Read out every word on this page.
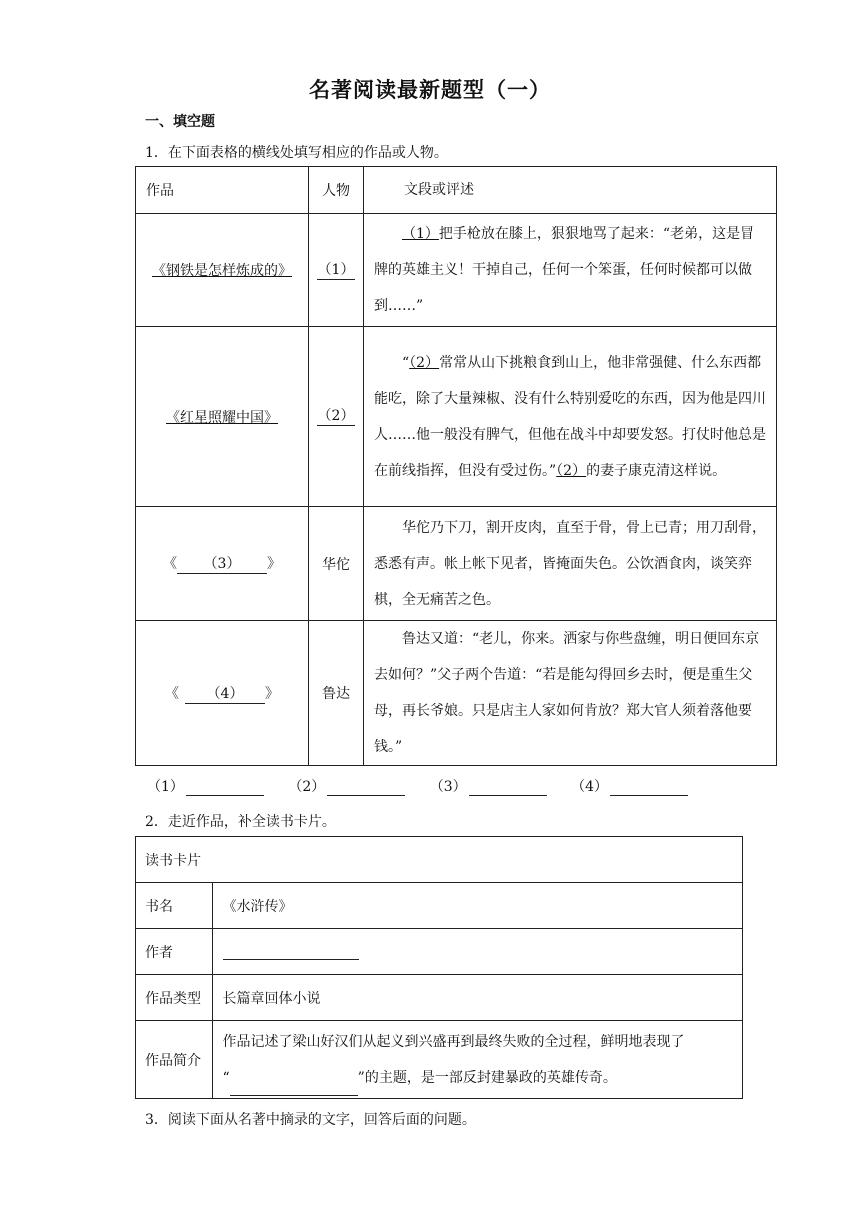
名著阅读最新题型（一）
一、填空题
1．在下面表格的横线处填写相应的作品或人物。
作品	人物	文段或评述
《钢铁是怎样炼成的》	（1）	（1）把手枪放在膝上，狠狠地骂了起来：“老弟，这是冒牌的英雄主义！干掉自己，任何一个笨蛋，任何时候都可以做到……”

《红星照耀中国》	（2）	“（2）常常从山下挑粮食到山上，他非常强健、什么东西都能吃，除了大量辣椒、没有什么特别爱吃的东西，因为他是四川人……他一般没有脾气，但他在战斗中却要发怒。打仗时他总是在前线指挥，但没有受过伤。”（2）的妻子康克清这样说。

《 （3） 》	华佗	华佗乃下刀，割开皮肉，直至于骨，骨上已青；用刀刮骨，悉悉有声。帐上帐下见者，皆掩面失色。公饮酒食肉，谈笑弈棋，全无痛苦之色。

《 （4） 》	鲁达	鲁达又道：“老儿，你来。洒家与你些盘缠，明日便回东京去如何？”父子两个告道：“若是能勾得回乡去时，便是重生父母，再长爷娘。只是店主人家如何肯放？郑大官人须着落他要钱。”
（1）	（2）	（3）	（4）
2．走近作品，补全读书卡片。
读书卡片	
书名	《水浒传》
作者	
作品类型	长篇章回体小说
作品简介	作品记述了梁山好汉们从起义到兴盛再到最终失败的全过程，鲜明地表现了
“ ”的主题，是一部反封建暴政的英雄传奇。
3．阅读下面从名著中摘录的文字，回答后面的问题。
